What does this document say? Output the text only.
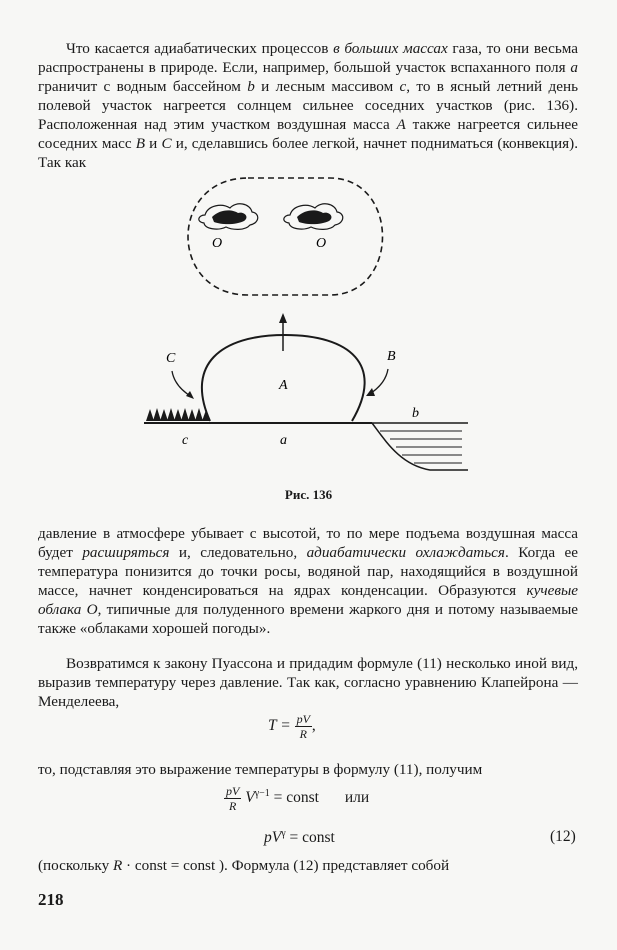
Что касается адиабатических процессов в больших массах газа, то они весьма распространены в природе. Если, например, большой участок вспаханного поля a граничит с водным бассейном b и лесным массивом c, то в ясный летний день полевой участок нагреется солнцем сильнее соседних участков (рис. 136). Расположенная над этим участком воздушная масса A также нагреется сильнее соседних масс B и C и, сделавшись более легкой, начнет подниматься (конвекция). Так как

O	O
A
C	B
c	a
b
Рис. 136

давление в атмосфере убывает с высотой, то по мере подъема воздушная масса будет расширяться и, следовательно, адиабатически охлаждаться. Когда ее температура понизится до точки росы, водяной пар, находящийся в воздушной массе, начнет конденсироваться на ядрах конденсации. Образуются кучевые облака O, типичные для полуденного времени жаркого дня и потому называемые также «облаками хорошей погоды».

Возвратимся к закону Пуассона и придадим формуле (11) несколько иной вид, выразив температуру через давление. Так как, согласно уравнению Клапейрона — Менделеева,

$T = \frac{pV}{R}$ ,

то, подставляя это выражение температуры в формулу (11), получим

$\frac{pV}{R} V^{\gamma-1}$ = const или
$pV^\gamma$ = const	(12)

(поскольку R · const = const ). Формула (12) представляет собой

218
